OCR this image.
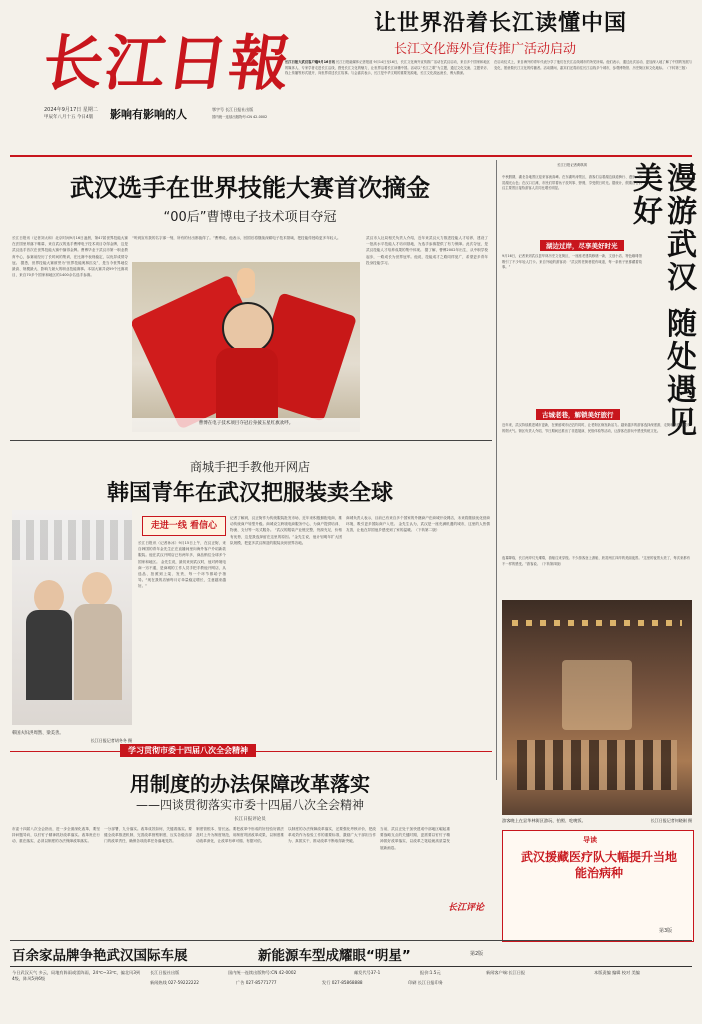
长江日報
2024年9月17日 星期二
甲辰年八月十五 今日4版 影响有影响的人	鄂字号 长江日报社出版
国内统一连续出版物号:CN 42-0002
让世界沿着长江读懂中国
长江文化海外宣传推广活动启动
长江日报大武汉客户端9月16日讯 长江日报融媒体记者报道 9月14日至16日，长江文化海外宣传推广活动在武汉启动，来自多个国家和地区的媒体人、专家学者走进长江沿线，感受长江文化的魅力，让世界沿着长江读懂中国。活动以“长江之歌”为主题，通过文化交流、主题采访、线上传播等形式展开，向世界讲述长江故事。与会嘉宾表示，长江是中华文明的重要发源地，长江文化源远流长、博大精深。
在启动仪式上，来自海外的青年代表分享了他们在长江沿线城市的所见所闻。他们表示，通过此次活动，更加深入地了解了中国的发展与变化，愿意做长江文化的传播者。活动期间，嘉宾们还将前往长江沿线多个城市，参观博物馆、历史街区和文化地标。（下转第三版）
武汉选手在世界技能大赛首次摘金
“00后”曹博电子技术项目夺冠
长江日报讯（记者刘太和）北京时间9月16日凌晨，第47届世界技能大赛在法国里昂落下帷幕，来自武汉的选手曹博电子技术项目夺得金牌，这是武汉选手首次在世界技能大赛中摘得金牌。曹博毕业于武汉市第一职业教育中心，参赛前经历了长时间的集训，在比赛中表现稳定，以优异成绩夺冠。 据悉，世界技能大赛被誉为“世界技能奥林匹克”，是当今世界地位最高、规模最大、影响力最大的职业技能赛事。本届大赛共设59个比赛项目，来自70多个国家和地区的1400余名选手参赛。
“听到宣布我的名字那一刻，所有的付出都值得了。”曹博说。他表示，回国后将继续深耕电子技术领域，把技能传授给更多年轻人。
曹博在电子技术项目夺冠后身披五星红旗欢呼。
武汉市人社局相关负责人介绍，近年来武汉大力推进技能人才培养，建设了一批高水平技能人才培训基地，为选手参赛提供了有力保障。此次夺冠，是武汉技能人才培养成果的集中体现。 据了解，曹博2002年出生，从中职学校起步，一路成长为世界冠军。他说，技能成才之路同样宽广，希望更多青年投身技能学习。
长江日报记者黄琪琪	漫游武汉 随处遇见美好
中秋假期，湖北各地景区迎来客流高峰。在东湖听涛景区，游客们沿着湖边绿道骑行、漫步，欣赏湖光山色；在汉口江滩，市民们带着孩子放风筝、野餐，享受假日时光。据统计，假期首日武汉主要景区接待游客人次同比增长明显。
湖边过岸，尽享美好时光
9月16日，记者来到武汉昙华林历史文化街区，一座座老建筑修缮一新，文创小店、特色咖啡馆吸引了不少年轻人打卡。来自外地的游客说：“武汉的老街巷很有味道，每一条巷子里都藏着故事。”
古城老巷，解锁美好旅行
近年来，武汉持续推进城市更新，在保留城市记忆的同时，让老街区焕发新活力。越来越多的游客选择深度游，走街串巷感受城市的烟火气。街区负责人介绍，节日期间还推出了非遗展演、民俗体验等活动，让游客在游玩中感受传统文化。
夜幕降临，长江两岸灯光璀璨，游船往来穿梭。不少游客登上游船，欣赏两江四岸的美丽夜景。“这里的夜景太美了，每次来都有不一样的感受。”游客说。（下转第四版）
游客晚上在昙华林街区游玩、拍照、吃晚饭。	长江日报记者何晓刚 摄
商城手把手教他开网店
韩国青年在武汉把服装卖全球
韩国夫妇洪周然、梁美善。
长江日报记者胡冬冬 摄
走进一线 看信心
长江日报讯（记者孙冰）9月15日上午，在汉正街，来自韩国的青年金先生正在直播间里向海外客户介绍新款服装。他在武汉开网店已有两年多，商品销往全球多个国家和地区。 金先生说，最初来到武汉时，他对跨境电商一窍不通，是商城的工作人员手把手教他开网店，从选品、拍照到上架、发货，每一个环节都给予指导。“现在我的店铺每月订单量稳定增长，生意越来越好。”
记者了解到，汉正街作为传统服装批发市场，近年来积极拥抱电商，推动传统商户转型升级。商城设立跨境电商服务中心，为商户提供培训、物流、支付等一站式服务。 “武汉的服装产业链完整，货源充足，价格有优势，这是我选择留在这里的原因。”金先生说，他计划明年扩大团队规模，把更多武汉制造的服装卖到世界各地。
商城负责人表示，目前已有来自多个国家的外籍商户在商城开设网店，未来将继续优化营商环境，吸引更多国际商户入驻。 金先生认为，武汉是一座充满机遇的城市，这里的人热情友善，让他在异国他乡感受到了家的温暖。（下转第二版）
学习贯彻市委十四届八次全会精神
用制度的办法保障改革落实
——四谈贯彻落实市委十四届八次全会精神
长江日报评论员
市委十四届八次全会指出，进一步全面深化改革，要坚持问题导向，以钉钉子精神抓好改革落实。改革贵在行动、重在落实，必须以制度的办法保障改革落实。
一分部署，九分落实。改革成效如何，关键看落实。要健全改革推进机制，完善改革督察制度，压实各级各部门的改革责任，确保各项改革任务落地见效。
制度管根本、管长远。要把改革中形成的好经验好做法及时上升为制度规范，用制度巩固改革成果，以制度推动改革深化，让改革有章可循、有据可依。
以制度的办法保障改革落实，还要强化考核评价，把改革成效作为检验工作的重要标准，激励广大干部担当作为、真抓实干，推动改革不断取得新突破。
当前，武汉正处于加快建成中部地区崛起重要战略支点的关键时期，更需要以钉钉子精神抓好改革落实，以改革之笔绘就高质量发展新画卷。
长江评论
导读
武汉援藏医疗队大幅提升当地能治病种
第3版
百余家品牌争艳武汉国际车展	新能源车型成耀眼“明星”	第2版
今日武汉天气 多云，局地有阵雨或雷阵雨，24℃~33℃，偏北风3到4级，阵风5到6级
长江日报社出版	国内统一连续出版物号:CN 42-0002	邮发代号37-1	报价:1.5元
新闻热线 027-59222222	广告 027-85771777	发行 027-85868888	印刷 长江日报印务
新闻客户端:长江日报	本版责编 编辑 校对 美编
